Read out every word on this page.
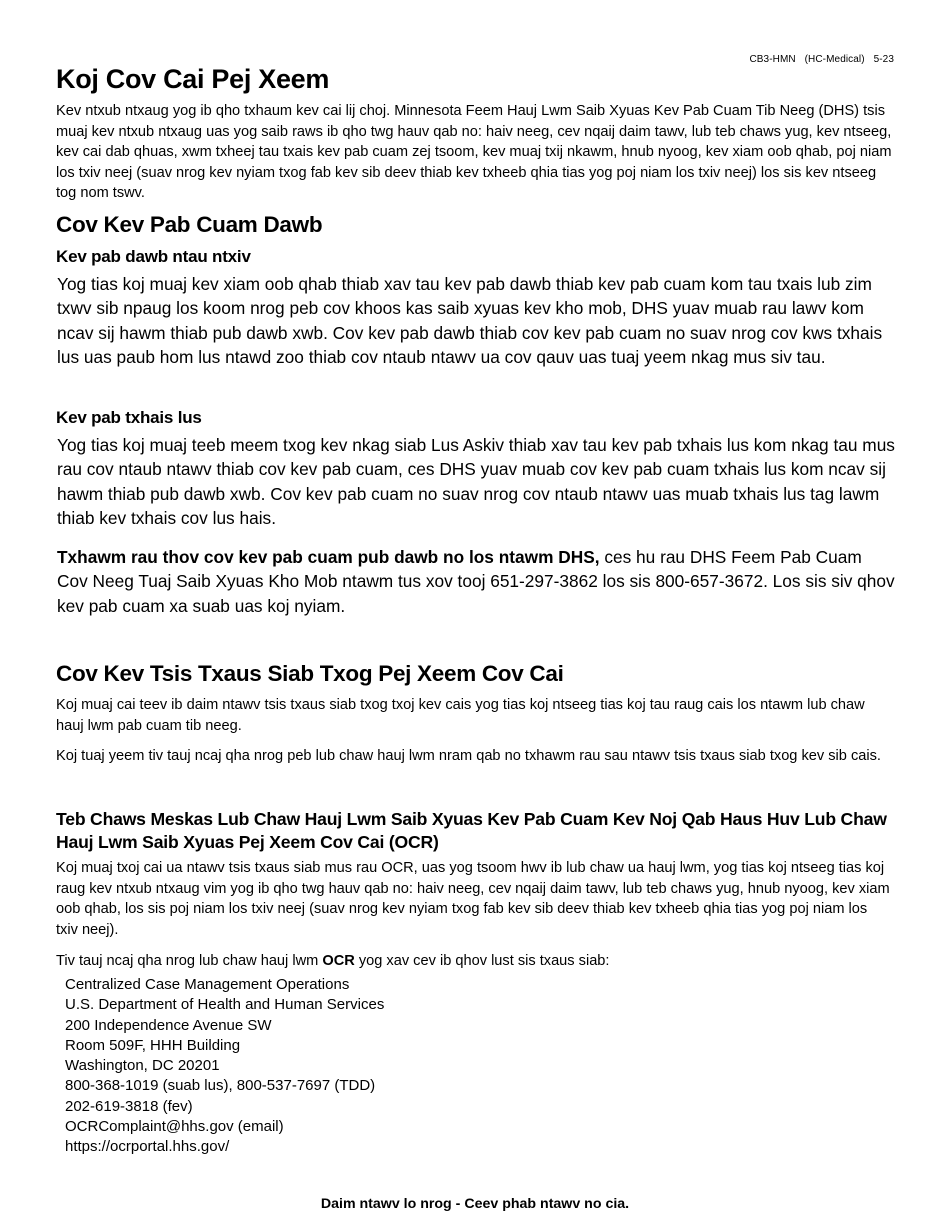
CB3-HMN (HC-Medical) 5-23
Koj Cov Cai Pej Xeem

Kev ntxub ntxaug yog ib qho txhaum kev cai lij choj. Minnesota Feem Hauj Lwm Saib Xyuas Kev Pab Cuam Tib Neeg (DHS) tsis muaj kev ntxub ntxaug uas yog saib raws ib qho twg hauv qab no: haiv neeg, cev nqaij daim tawv, lub teb chaws yug, kev ntseeg, kev cai dab qhuas, xwm txheej tau txais kev pab cuam zej tsoom, kev muaj txij nkawm, hnub nyoog, kev xiam oob qhab, poj niam los txiv neej (suav nrog kev nyiam txog fab kev sib deev thiab kev txheeb qhia tias yog poj niam los txiv neej) los sis kev ntseeg tog nom tswv.

Cov Kev Pab Cuam Dawb
Kev pab dawb ntau ntxiv

Yog tias koj muaj kev xiam oob qhab thiab xav tau kev pab dawb thiab kev pab cuam kom tau txais lub zim txwv sib npaug los koom nrog peb cov khoos kas saib xyuas kev kho mob, DHS yuav muab rau lawv kom ncav sij hawm thiab pub dawb xwb. Cov kev pab dawb thiab cov kev pab cuam no suav nrog cov kws txhais lus uas paub hom lus ntawd zoo thiab cov ntaub ntawv ua cov qauv uas tuaj yeem nkag mus siv tau.

Kev pab txhais lus

Yog tias koj muaj teeb meem txog kev nkag siab Lus Askiv thiab xav tau kev pab txhais lus kom nkag tau mus rau cov ntaub ntawv thiab cov kev pab cuam, ces DHS yuav muab cov kev pab cuam txhais lus kom ncav sij hawm thiab pub dawb xwb. Cov kev pab cuam no suav nrog cov ntaub ntawv uas muab txhais lus tag lawm thiab kev txhais cov lus hais.

Txhawm rau thov cov kev pab cuam pub dawb no los ntawm DHS, ces hu rau DHS Feem Pab Cuam Cov Neeg Tuaj Saib Xyuas Kho Mob ntawm tus xov tooj 651-297-3862 los sis 800-657-3672. Los sis siv qhov kev pab cuam xa suab uas koj nyiam.

Cov Kev Tsis Txaus Siab Txog Pej Xeem Cov Cai

Koj muaj cai teev ib daim ntawv tsis txaus siab txog txoj kev cais yog tias koj ntseeg tias koj tau raug cais los ntawm lub chaw hauj lwm pab cuam tib neeg.

Koj tuaj yeem tiv tauj ncaj qha nrog peb lub chaw hauj lwm nram qab no txhawm rau sau ntawv tsis txaus siab txog kev sib cais.

Teb Chaws Meskas Lub Chaw Hauj Lwm Saib Xyuas Kev Pab Cuam Kev Noj Qab Haus Huv Lub Chaw Hauj Lwm Saib Xyuas Pej Xeem Cov Cai (OCR)

Koj muaj txoj cai ua ntawv tsis txaus siab mus rau OCR, uas yog tsoom hwv ib lub chaw ua hauj lwm, yog tias koj ntseeg tias koj raug kev ntxub ntxaug vim yog ib qho twg hauv qab no: haiv neeg, cev nqaij daim tawv, lub teb chaws yug, hnub nyoog, kev xiam oob qhab, los sis poj niam los txiv neej (suav nrog kev nyiam txog fab kev sib deev thiab kev txheeb qhia tias yog poj niam los txiv neej).

Tiv tauj ncaj qha nrog lub chaw hauj lwm OCR yog xav cev ib qhov lust sis txaus siab:

Centralized Case Management Operations
U.S. Department of Health and Human Services
200 Independence Avenue SW
Room 509F, HHH Building
Washington, DC 20201
800-368-1019 (suab lus), 800-537-7697 (TDD)
202-619-3818 (fev)
OCRComplaint@hhs.gov (email)
https://ocrportal.hhs.gov/
Daim ntawv lo nrog - Ceev phab ntawv no cia.
